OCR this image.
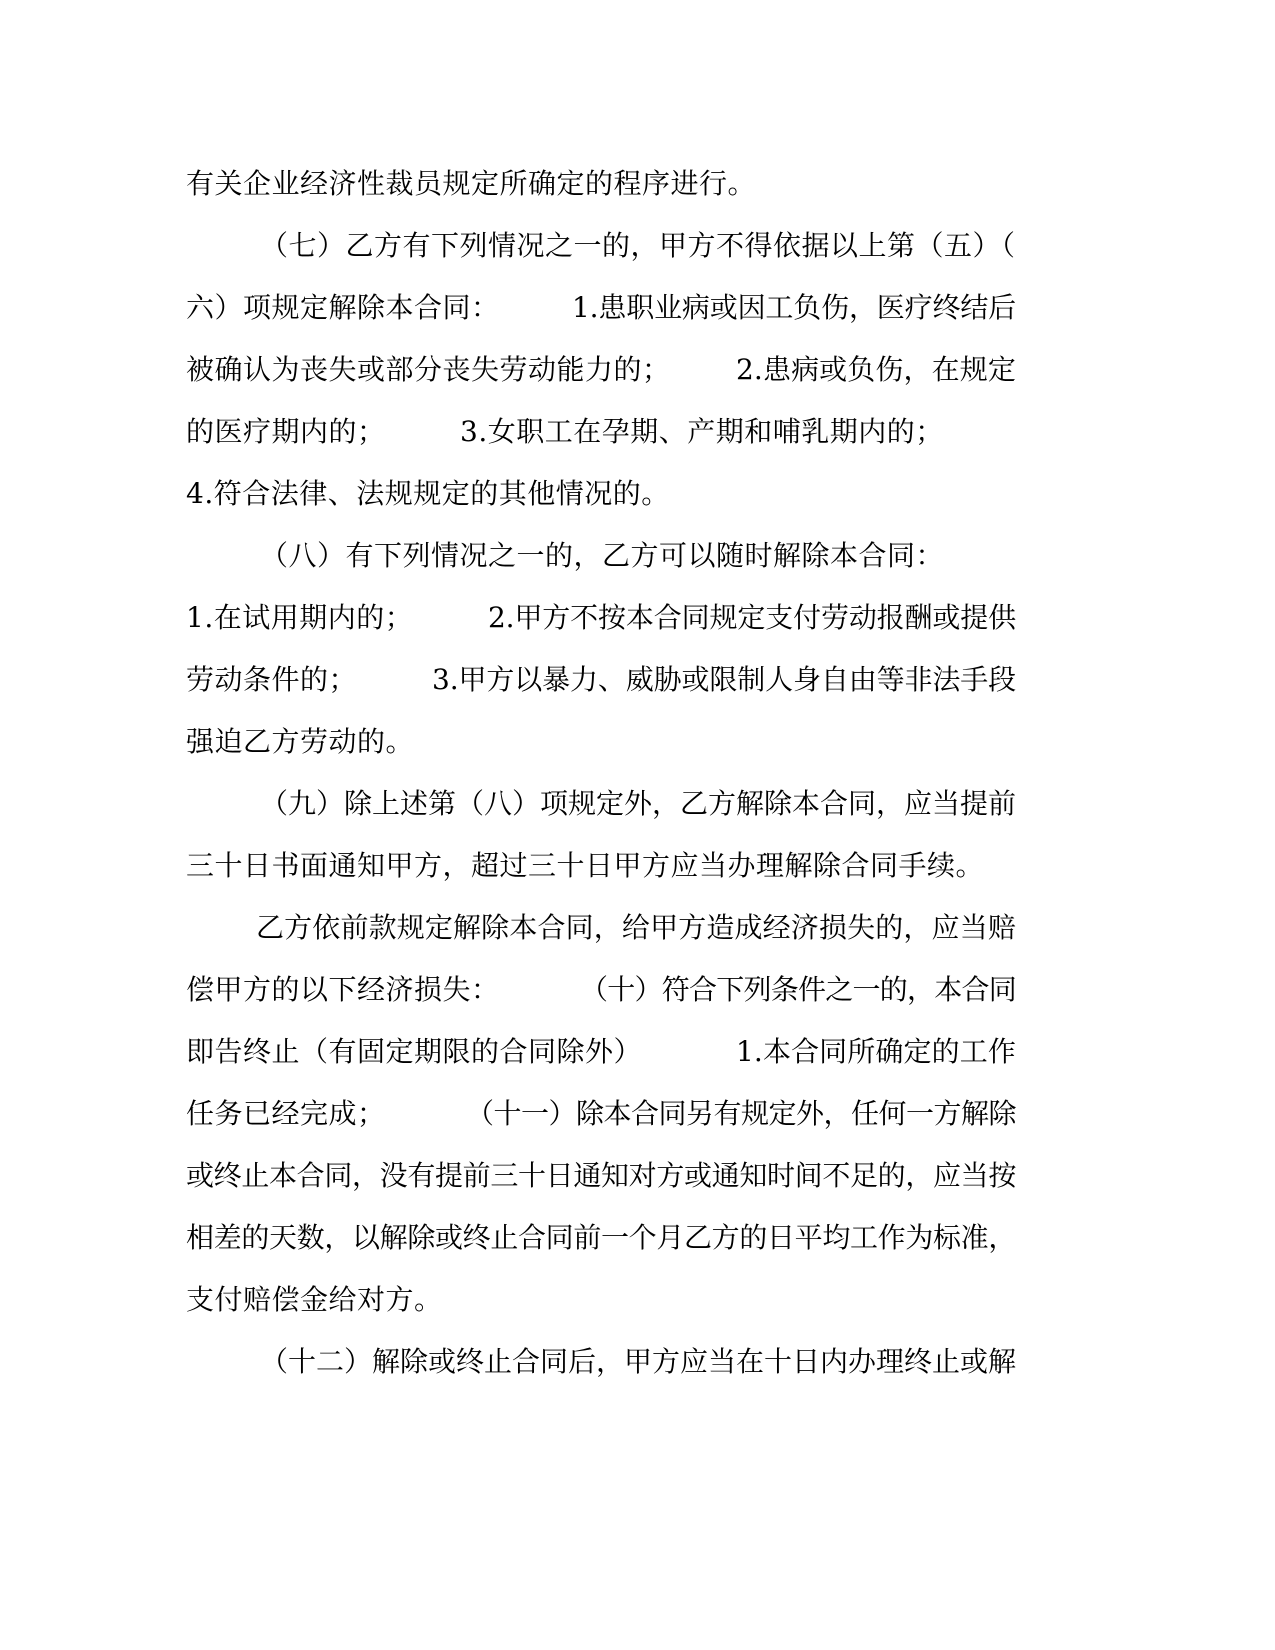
有关企业经济性裁员规定所确定的程序进行。

（七）乙方有下列情况之一的，甲方不得依据以上第（五）（

六）项规定解除本合同：

	1.患职业病或因工负伤，医疗终结后

被确认为丧失或部分丧失劳动能力的；

2.患病或负伤，在规定

的医疗期内的；

	3.女职工在孕期、产期和哺乳期内的；

4.符合法律、法规规定的其他情况的。

（八）有下列情况之一的，乙方可以随时解除本合同：

1.在试用期内的；

	2.甲方不按本合同规定支付劳动报酬或提供

劳动条件的；

	3.甲方以暴力、威胁或限制人身自由等非法手段

强迫乙方劳动的。

（九）除上述第（八）项规定外，乙方解除本合同，应当提前

三十日书面通知甲方，超过三十日甲方应当办理解除合同手续。

乙方依前款规定解除本合同，给甲方造成经济损失的，应当赔

偿甲方的以下经济损失：

	（十）符合下列条件之一的，本合同

即告终止（有固定期限的合同除外）

	1.本合同所确定的工作

任务已经完成；

	（十一）除本合同另有规定外，任何一方解除

或终止本合同，没有提前三十日通知对方或通知时间不足的，应当按

相差的天数，以解除或终止合同前一个月乙方的日平均工作为标准，

支付赔偿金给对方。

（十二）解除或终止合同后，甲方应当在十日内办理终止或解
